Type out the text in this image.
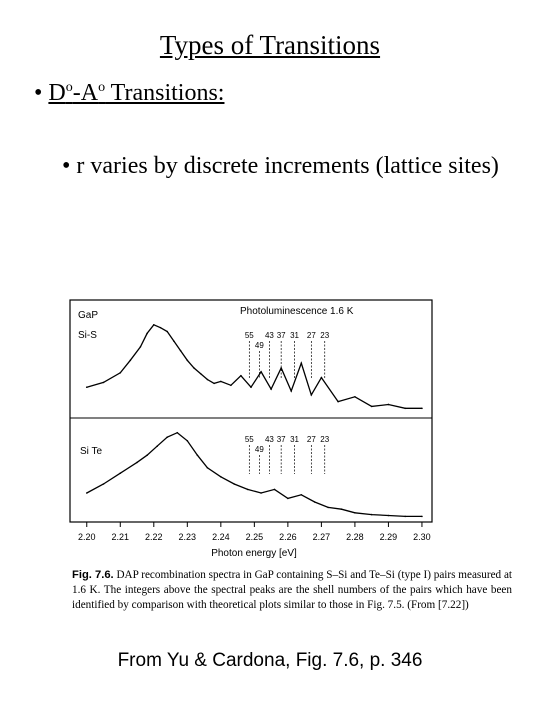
Types of Transitions
• $D^o-A^o$ Transitions:
• r varies by discrete increments (lattice sites)
GaP
Si-S
Photoluminescence 1.6 K
Si Te
55
49
43 37 31 27 23
55
49
43 37 31 27 23
2.20 2.21 2.22 2.23 2.24 2.25 2.26 2.27 2.28 2.29 2.30
Photon energy [eV]
Fig. 7.6. DAP recombination spectra in GaP containing S–Si and Te–Si (type I) pairs measured at 1.6 K. The integers above the spectral peaks are the shell numbers of the pairs which have been identified by comparison with theoretical plots similar to those in Fig. 7.5. (From [7.22])
From Yu & Cardona, Fig. 7.6, p. 346
